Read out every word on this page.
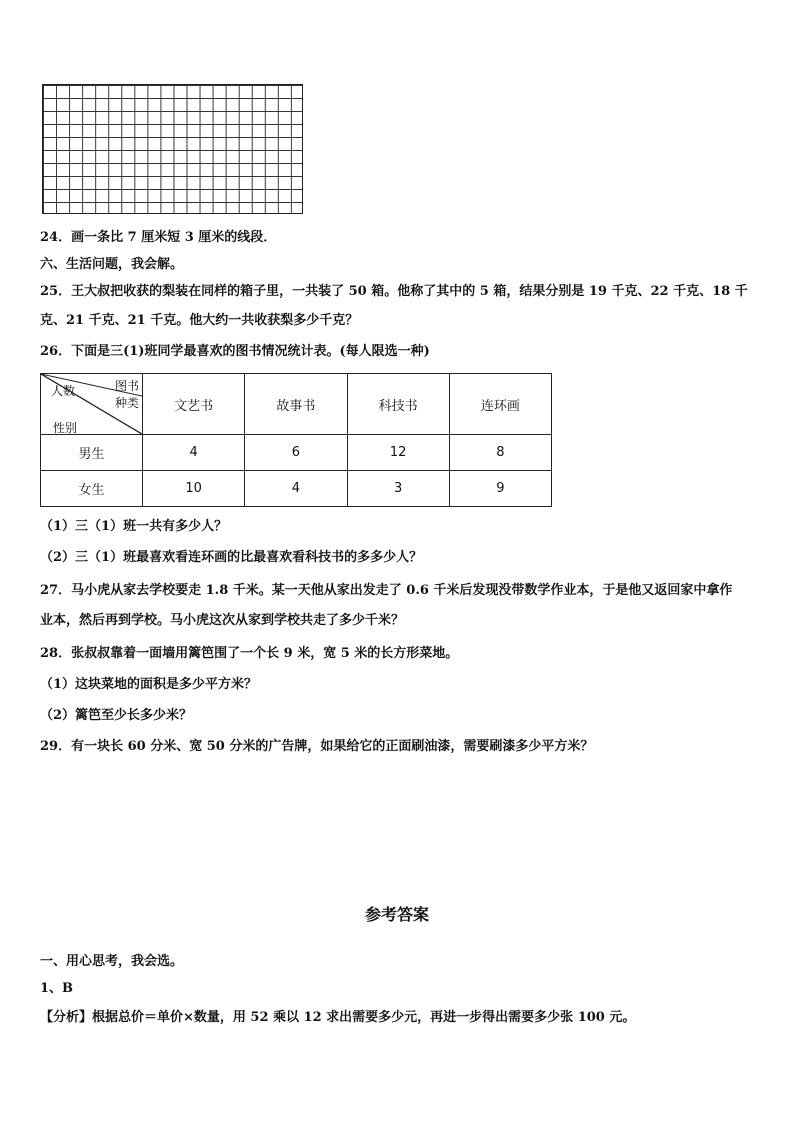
24．画一条比 7 厘米短 3 厘米的线段．
六、生活问题，我会解。
25．王大叔把收获的梨装在同样的箱子里，一共装了 50 箱。他称了其中的 5 箱，结果分别是 19 千克、22 千克、18 千
克、21 千克、21 千克。他大约一共收获梨多少千克？
26．下面是三(1)班同学最喜欢的图书情况统计表。(每人限选一种)
人数 图书
种类
性别	文艺书	故事书	科技书	连环画
男生	4	6	12	8
女生	10	4	3	9
（1）三（1）班一共有多少人？
（2）三（1）班最喜欢看连环画的比最喜欢看科技书的多多少人？
27．马小虎从家去学校要走 1.8 千米。某一天他从家出发走了 0.6 千米后发现没带数学作业本，于是他又返回家中拿作
业本，然后再到学校。马小虎这次从家到学校共走了多少千米？
28．张叔叔靠着一面墙用篱笆围了一个长 9 米，宽 5 米的长方形菜地。
（1）这块菜地的面积是多少平方米？
（2）篱笆至少长多少米？
29．有一块长 60 分米、宽 50 分米的广告牌，如果给它的正面刷油漆，需要刷漆多少平方米？
参考答案
一、用心思考，我会选。
1、B
【分析】根据总价＝单价×数量，用 52 乘以 12 求出需要多少元，再进一步得出需要多少张 100 元。
